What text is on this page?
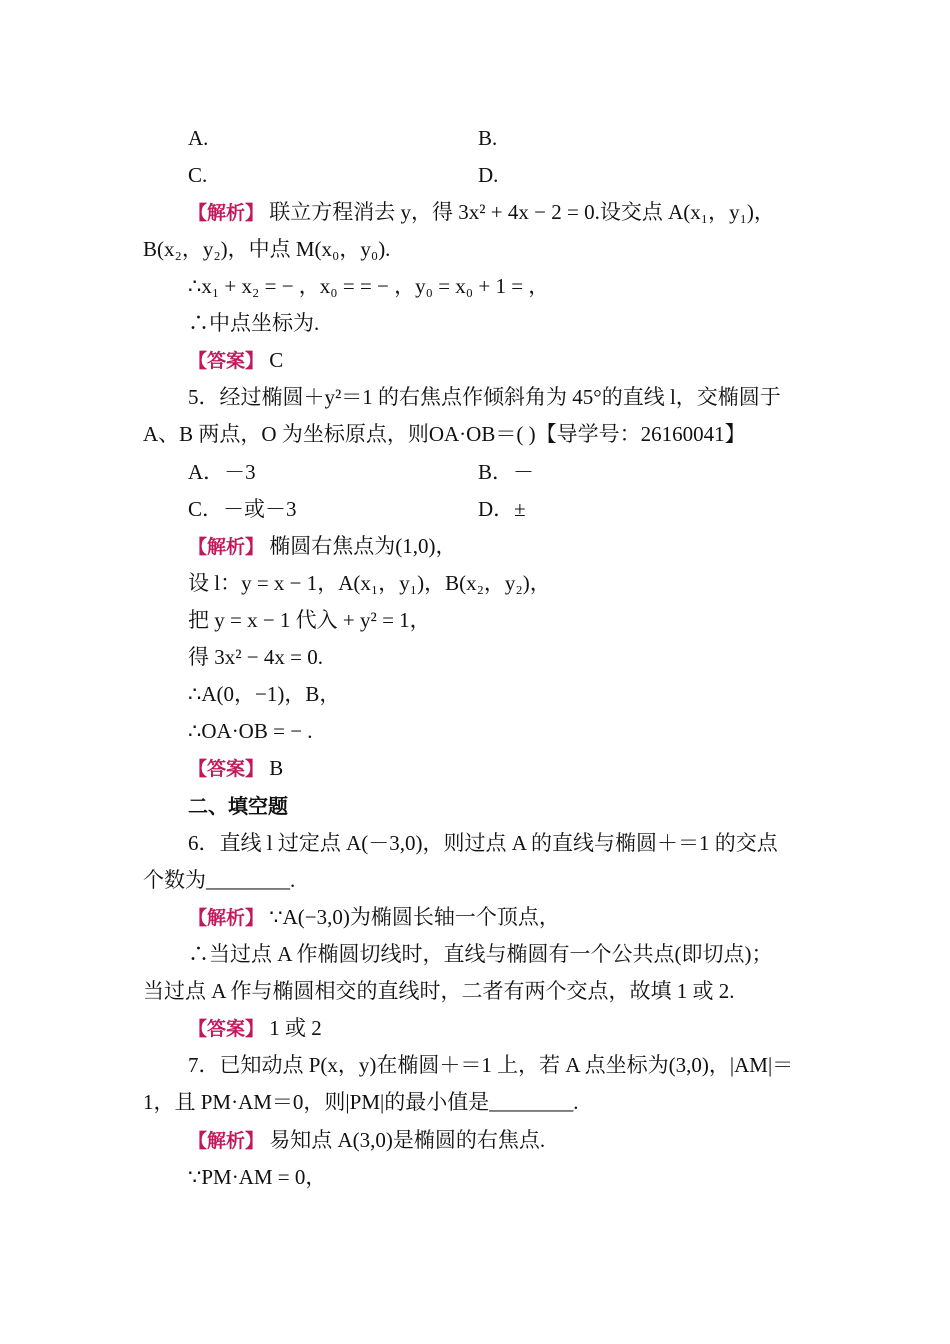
A.	B.
C.	D.
【解析】 联立方程消去 y，得 3x² + 4x − 2 = 0.设交点 A(x₁，y₁)，
B(x₂，y₂)，中点 M(x₀，y₀).
∴x₁ + x₂ = − ，x₀ = = − ，y₀ = x₀ + 1 = ，
∴中点坐标为.
【答案】 C
5．经过椭圆＋y²＝1 的右焦点作倾斜角为 45°的直线 l，交椭圆于
A、B 两点，O 为坐标原点，则OA·OB＝( )【导学号：26160041】
A．－3	B．－
C．－或－3	D．±
【解析】 椭圆右焦点为(1,0)，
设 l：y = x − 1，A(x₁，y₁)，B(x₂，y₂)，
把 y = x − 1 代入 + y² = 1，
得 3x² − 4x = 0.
∴A(0，−1)，B，
∴OA·OB = − .
【答案】 B
二、填空题
6．直线 l 过定点 A(－3,0)，则过点 A 的直线与椭圆＋＝1 的交点
个数为________.
【解析】 ∵A(−3,0)为椭圆长轴一个顶点，
∴当过点 A 作椭圆切线时，直线与椭圆有一个公共点(即切点)；
当过点 A 作与椭圆相交的直线时，二者有两个交点，故填 1 或 2.
【答案】 1 或 2
7．已知动点 P(x，y)在椭圆＋＝1 上，若 A 点坐标为(3,0)，|AM|＝
1，且 PM·AM＝0，则|PM|的最小值是________.
【解析】 易知点 A(3,0)是椭圆的右焦点.
∵PM·AM = 0，
